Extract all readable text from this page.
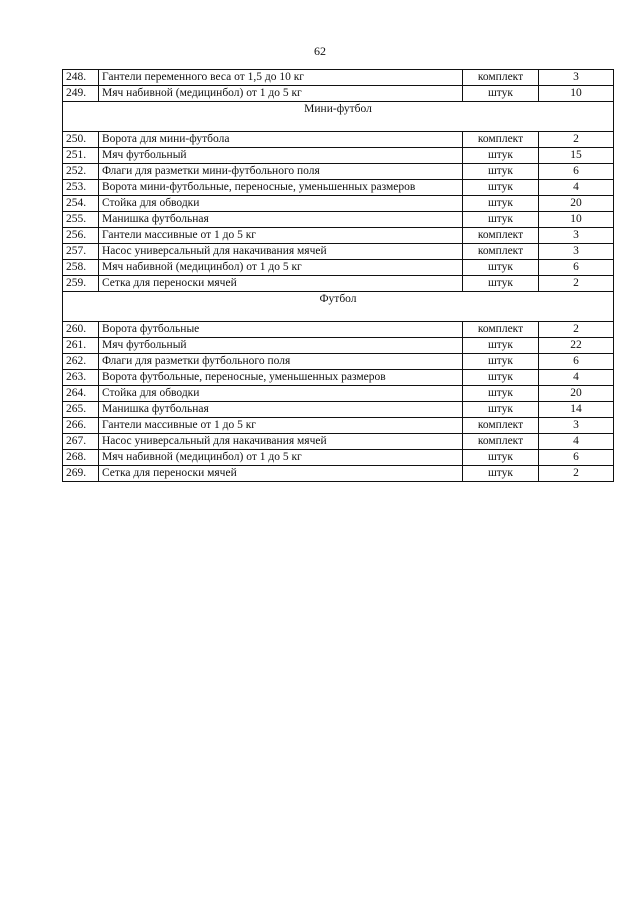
62
248.	Гантели переменного веса от 1,5 до 10 кг	комплект	3
249.	Мяч набивной (медицинбол) от 1 до 5 кг	штук	10
Мини-футбол			
250.	Ворота для мини-футбола	комплект	2
251.	Мяч футбольный	штук	15
252.	Флаги для разметки мини-футбольного поля	штук	6
253.	Ворота мини-футбольные, переносные, уменьшенных размеров	штук	4
254.	Стойка для обводки	штук	20
255.	Манишка футбольная	штук	10
256.	Гантели массивные от 1 до 5 кг	комплект	3
257.	Насос универсальный для накачивания мячей	комплект	3
258.	Мяч набивной (медицинбол) от 1 до 5 кг	штук	6
259.	Сетка для переноски мячей	штук	2
Футбол			
260.	Ворота футбольные	комплект	2
261.	Мяч футбольный	штук	22
262.	Флаги для разметки футбольного поля	штук	6
263.	Ворота футбольные, переносные, уменьшенных размеров	штук	4
264.	Стойка для обводки	штук	20
265.	Манишка футбольная	штук	14
266.	Гантели массивные от 1 до 5 кг	комплект	3
267.	Насос универсальный для накачивания мячей	комплект	4
268.	Мяч набивной (медицинбол) от 1 до 5 кг	штук	6
269.	Сетка для переноски мячей	штук	2
